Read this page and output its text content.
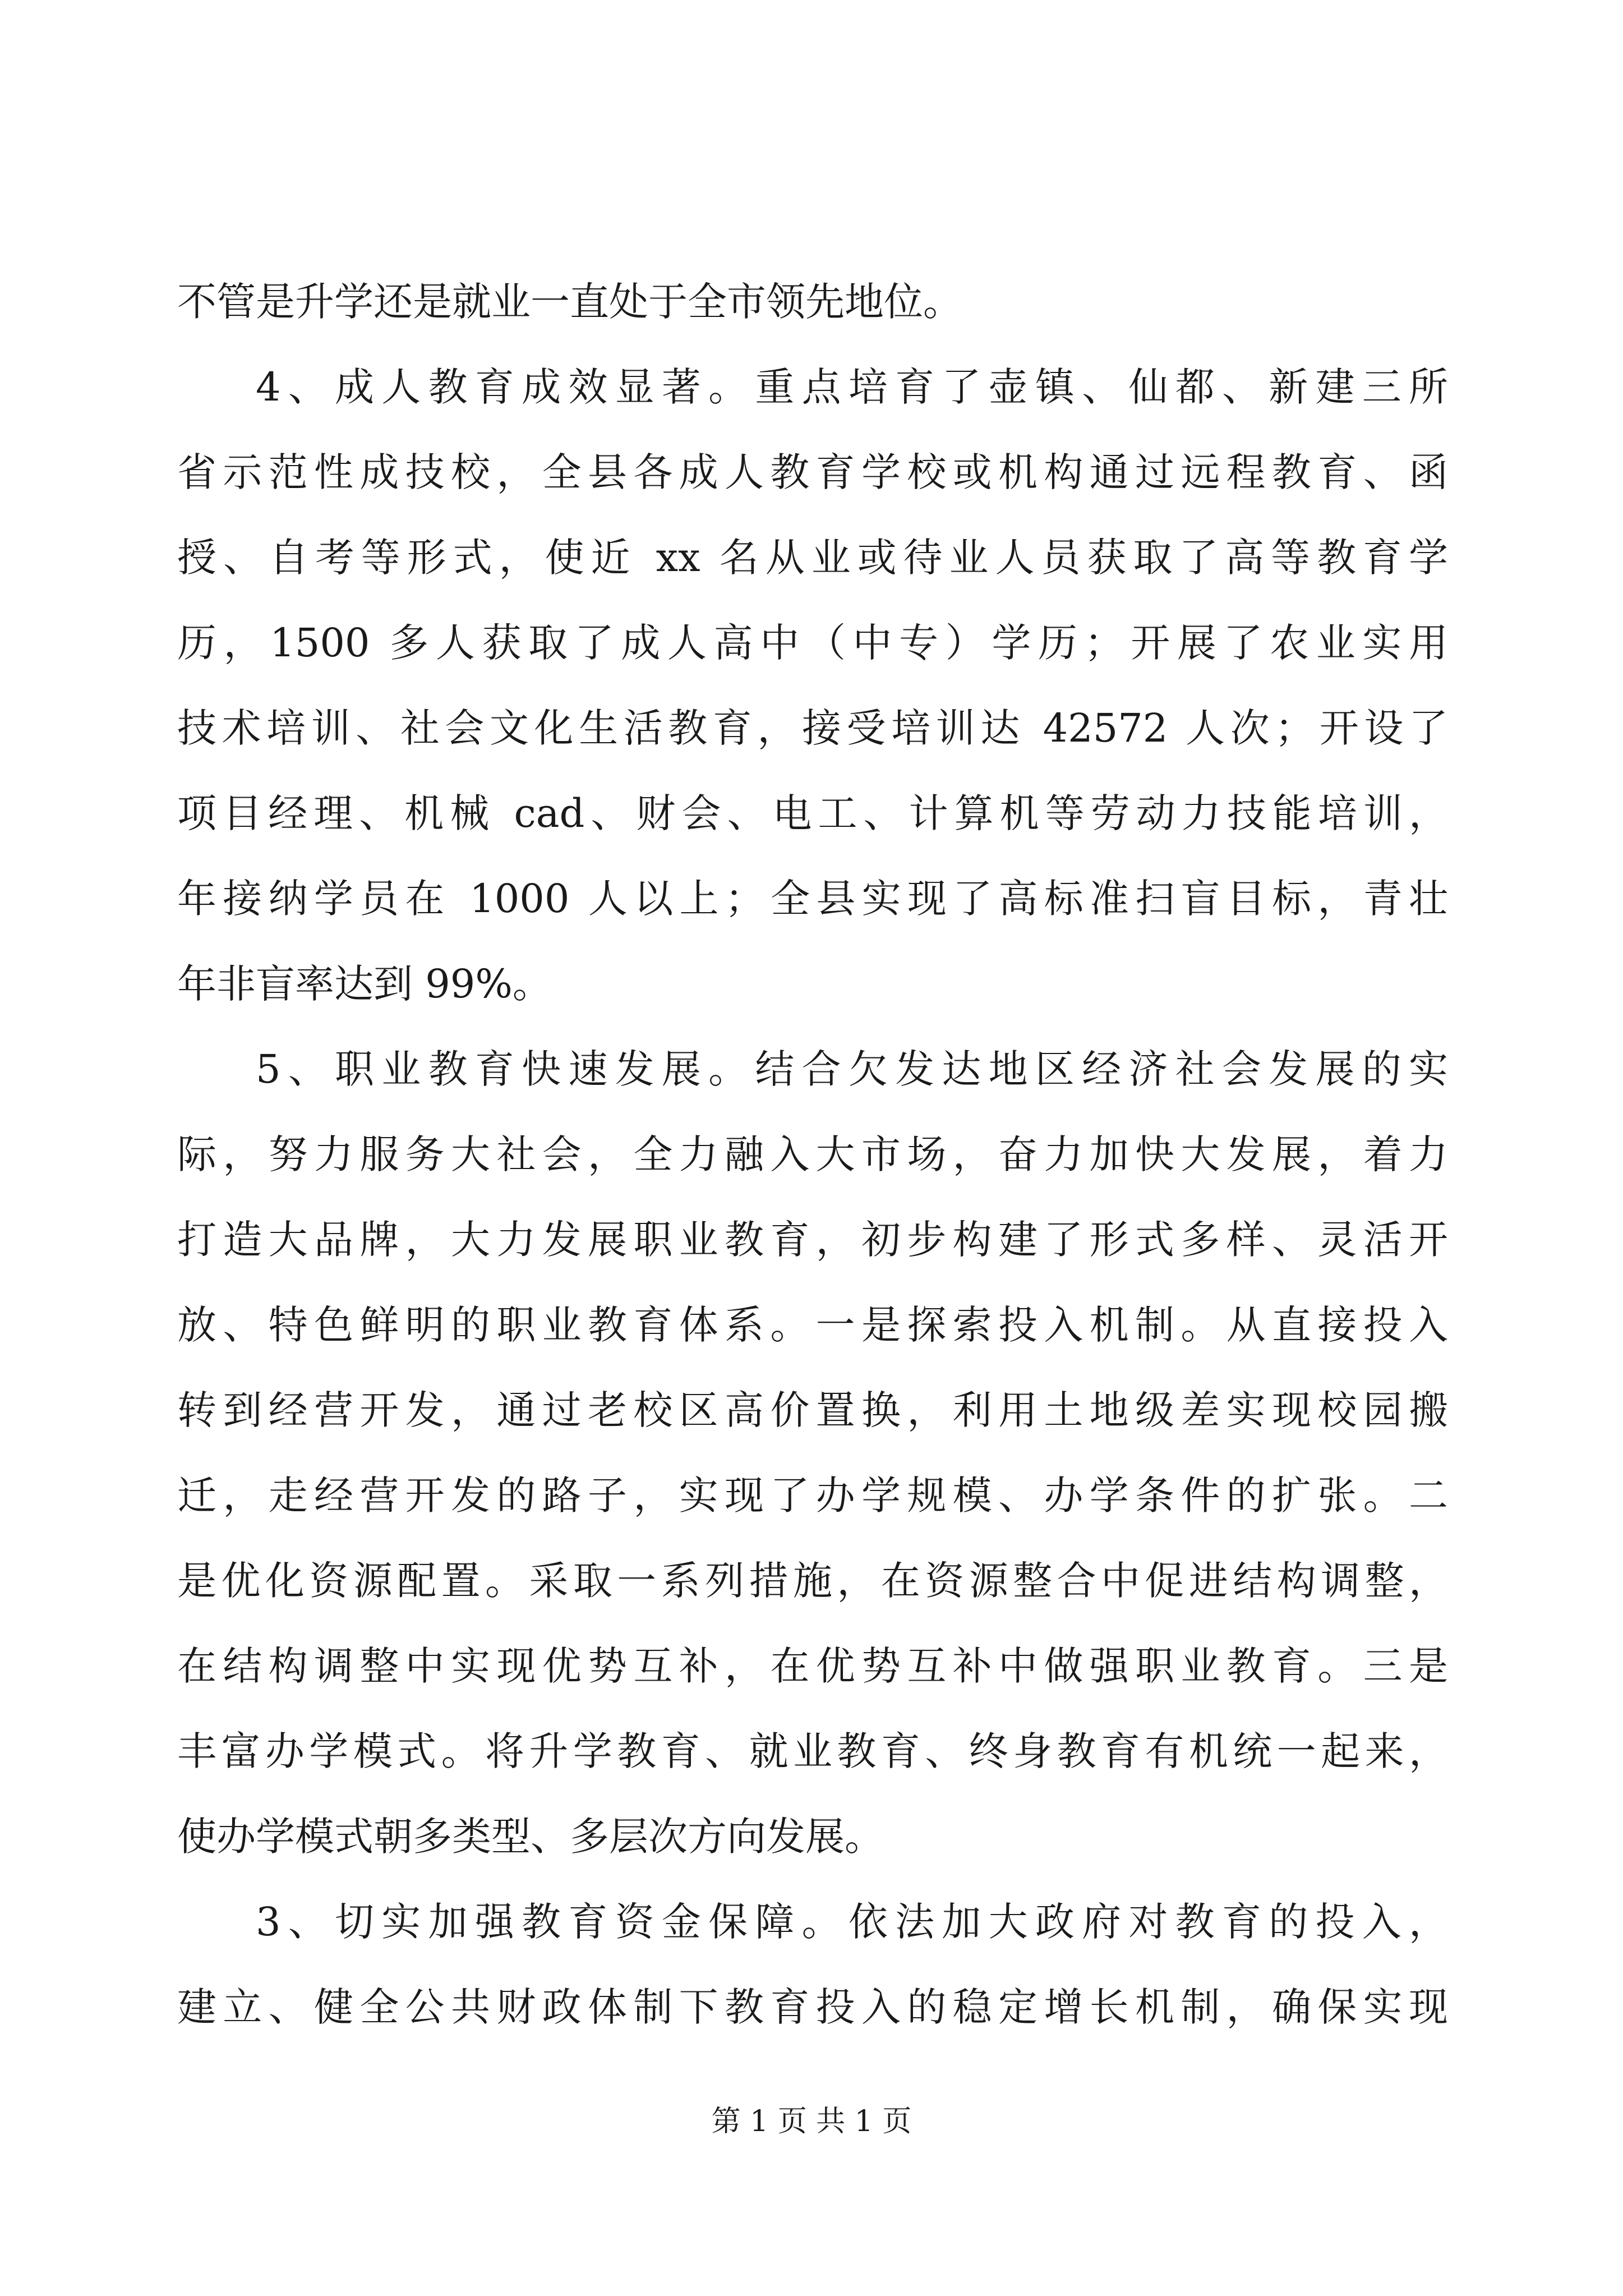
不管是升学还是就业一直处于全市领先地位。
4、成人教育成效显著。重点培育了壶镇、仙都、新建三所
省示范性成技校，全县各成人教育学校或机构通过远程教育、函
授、自考等形式，使近 xx 名从业或待业人员获取了高等教育学
历，1500 多人获取了成人高中（中专）学历；开展了农业实用
技术培训、社会文化生活教育，接受培训达 42572 人次；开设了
项目经理、机械 cad、财会、电工、计算机等劳动力技能培训，
年接纳学员在 1000 人以上；全县实现了高标准扫盲目标，青壮
年非盲率达到 99%。
5、职业教育快速发展。结合欠发达地区经济社会发展的实
际，努力服务大社会，全力融入大市场，奋力加快大发展，着力
打造大品牌，大力发展职业教育，初步构建了形式多样、灵活开
放、特色鲜明的职业教育体系。一是探索投入机制。从直接投入
转到经营开发，通过老校区高价置换，利用土地级差实现校园搬
迁，走经营开发的路子，实现了办学规模、办学条件的扩张。二
是优化资源配置。采取一系列措施，在资源整合中促进结构调整，
在结构调整中实现优势互补，在优势互补中做强职业教育。三是
丰富办学模式。将升学教育、就业教育、终身教育有机统一起来，
使办学模式朝多类型、多层次方向发展。
3、切实加强教育资金保障。依法加大政府对教育的投入，
建立、健全公共财政体制下教育投入的稳定增长机制，确保实现
第 1 页 共 1 页
